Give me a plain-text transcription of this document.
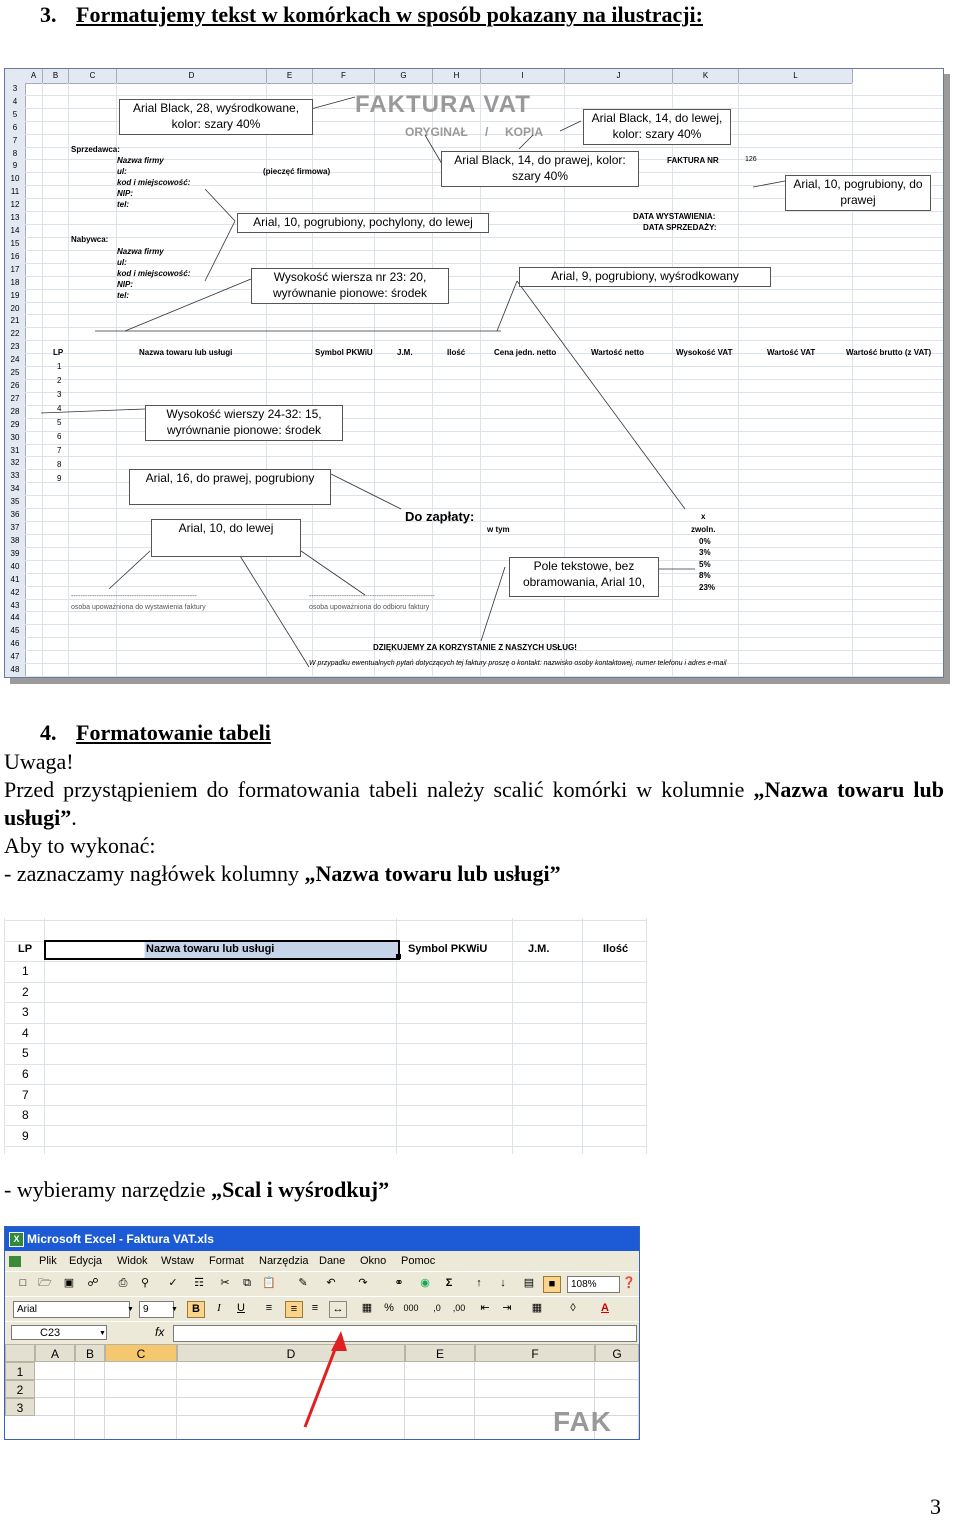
3. Formatujemy tekst w komórkach w sposób pokazany na ilustracji:
A	B	C	D	E	F	G	H	I	J	K	L
3
4
5
6
7
8
9
10
11
12
13
14
15
16
17
18
19
20
21
22
23
24
25
26
27
28
29
30
31
32
33
34
35
36
37
38
39
40
41
42
43
44
45
46
47
48
FAKTURA VAT
ORYGINAŁ / KOPIA
Sprzedawca:
Nazwa firmy
ul:
kod i miejscowość:
NIP:
tel:
(pieczęć firmowa)
Nabywca:
Nazwa firmy
ul:
kod i miejscowość:
NIP:
tel:
FAKTURA NR	126
DATA WYSTAWIENIA:
DATA SPRZEDAŻY:
LP	Nazwa towaru lub usługi	Symbol PKWiU	J.M.	Ilość	Cena jedn. netto	Wartość netto	Wysokość VAT	Wartość VAT	Wartość brutto (z VAT)
1
2
3
4
5
6
7
8
9
Do zapłaty:
w tym
x
zwoln.
0%
3%
5%
8%
23%
------------------------------------------------------
osoba upoważniona do wystawienia faktury
------------------------------------------------------
osoba upoważniona do odbioru faktury
DZIĘKUJEMY ZA KORZYSTANIE Z NASZYCH USŁUG!
W przypadku ewentualnych pytań dotyczących tej faktury proszę o kontakt: nazwisko osoby kontaktowej, numer telefonu i adres e-mail
Arial Black, 28, wyśrodkowane, kolor: szary 40%	Arial Black, 14, do lewej, kolor: szary 40%
Arial Black, 14, do prawej, kolor: szary 40%
Arial, 10, pogrubiony, do prawej
Arial, 10, pogrubiony, pochylony, do lewej
Wysokość wiersza nr 23: 20, wyrównanie pionowe: środek
Arial, 9, pogrubiony, wyśrodkowany
Wysokość wierszy 24-32: 15, wyrównanie pionowe: środek
Arial, 16, do prawej, pogrubiony
Arial, 10, do lewej
Pole tekstowe, bez obramowania, Arial 10,
4. Formatowanie tabeli
Uwaga!
Przed przystąpieniem do formatowania tabeli należy scalić komórki w kolumnie „Nazwa towaru lub usługi”.
Aby to wykonać:
- zaznaczamy nagłówek kolumny „Nazwa towaru lub usługi”
LP	Nazwa towaru lub usługi	Symbol PKWiU	J.M.	Ilość
1
2
3
4
5
6
7
8
9
- wybieramy narzędzie „Scal i wyśrodkuj”
X Microsoft Excel - Faktura VAT.xls
Plik Edycja Widok Wstaw Format Narzędzia Dane Okno Pomoc
□	🗁 ▣ ☍	⎙	⚲	✓	☶	✂	⧉	📋	✎	↶	↷	⚭	◉	Σ	↑	↓	▤	■	108%	❓
Arial	▼ 9	▼	B	I	U	≡	≡	≡	↔	▦ %	000	,0	,00	⇤	⇥	▦	◊	A
C23	▼	fx
A	B	C	D	E	F	G
1
2
3	FAK
3
